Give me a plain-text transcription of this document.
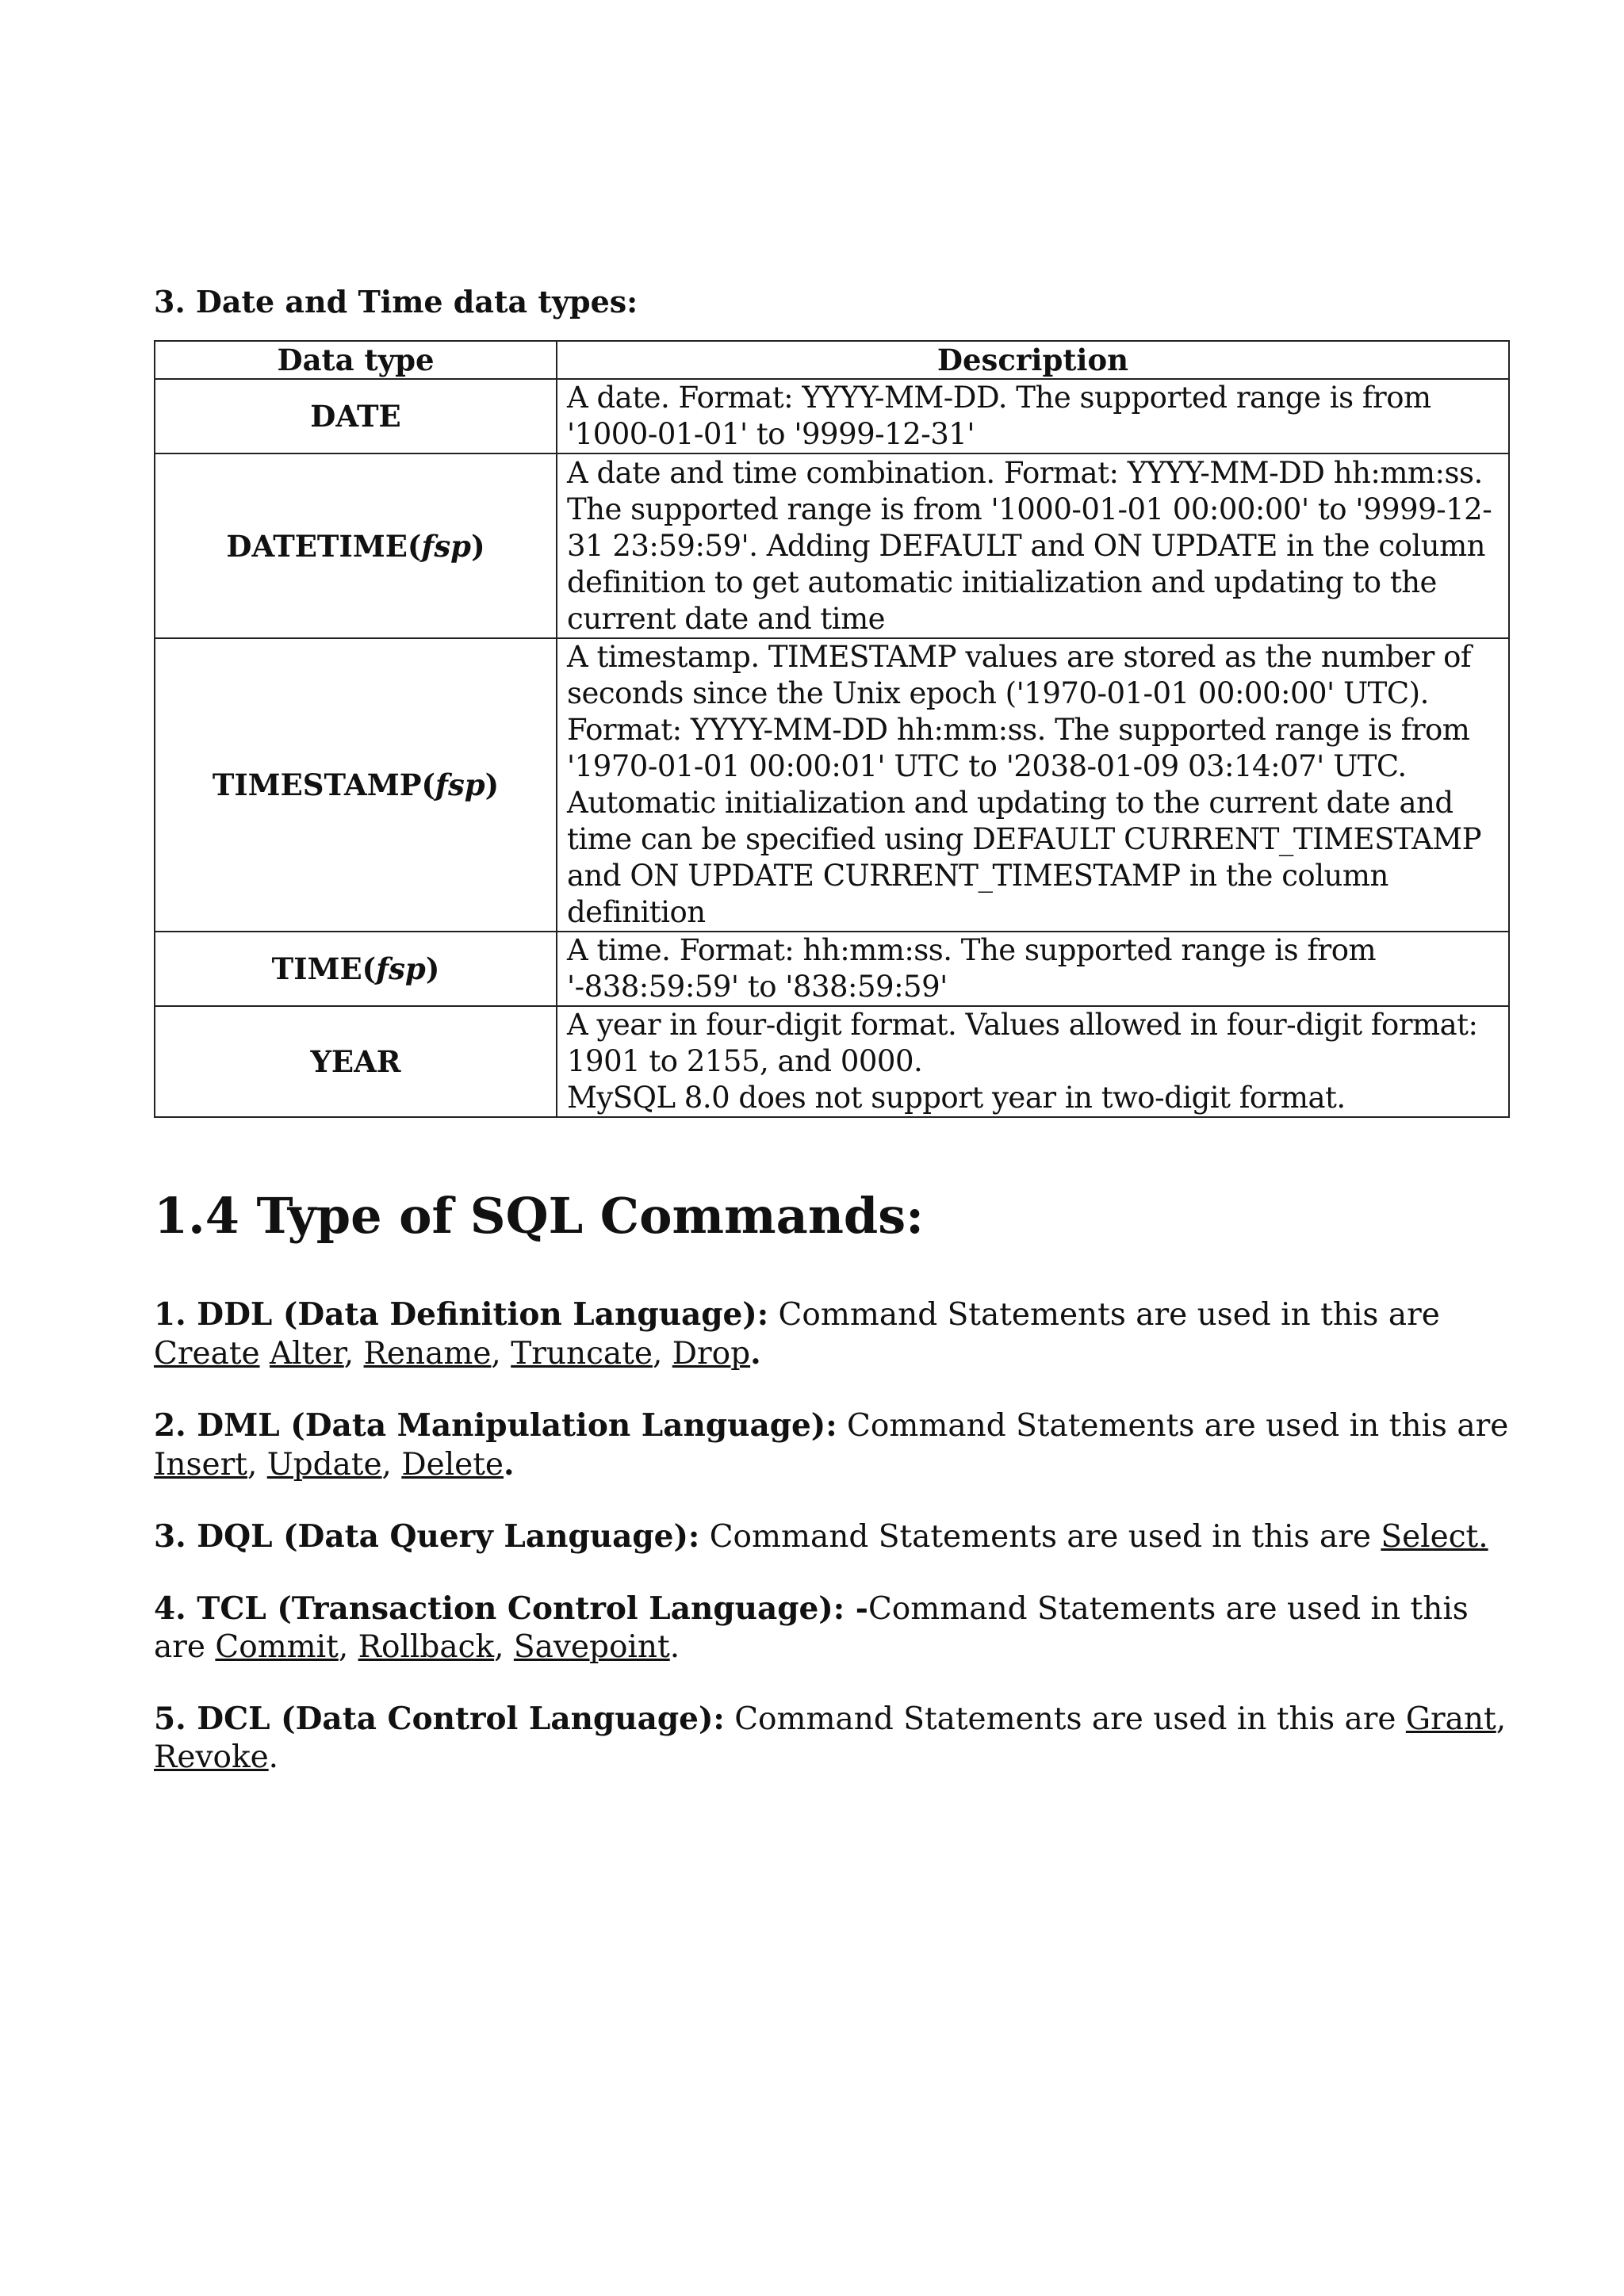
3. Date and Time data types:

Data type	Description
DATE	A date. Format: YYYY-MM-DD. The supported range is from '1000-01-01' to '9999-12-31'
DATETIME(fsp)	A date and time combination. Format: YYYY-MM-DD hh:mm:ss. The supported range is from '1000-01-01 00:00:00' to '9999-12-31 23:59:59'. Adding DEFAULT and ON UPDATE in the column definition to get automatic initialization and updating to the current date and time
TIMESTAMP(fsp)	A timestamp. TIMESTAMP values are stored as the number of seconds since the Unix epoch ('1970-01-01 00:00:00' UTC). Format: YYYY-MM-DD hh:mm:ss. The supported range is from '1970-01-01 00:00:01' UTC to '2038-01-09 03:14:07' UTC. Automatic initialization and updating to the current date and time can be specified using DEFAULT CURRENT_TIMESTAMP and ON UPDATE CURRENT_TIMESTAMP in the column definition
TIME(fsp)	A time. Format: hh:mm:ss. The supported range is from '-838:59:59' to '838:59:59'
YEAR	A year in four-digit format. Values allowed in four-digit format: 1901 to 2155, and 0000.
MySQL 8.0 does not support year in two-digit format.
1.4 Type of SQL Commands:

1. DDL (Data Definition Language): Command Statements are used in this are Create Alter, Rename, Truncate, Drop.

2. DML (Data Manipulation Language): Command Statements are used in this are Insert, Update, Delete.

3. DQL (Data Query Language): Command Statements are used in this are Select.

4. TCL (Transaction Control Language): -Command Statements are used in this are Commit, Rollback, Savepoint.

5. DCL (Data Control Language): Command Statements are used in this are Grant, Revoke.
